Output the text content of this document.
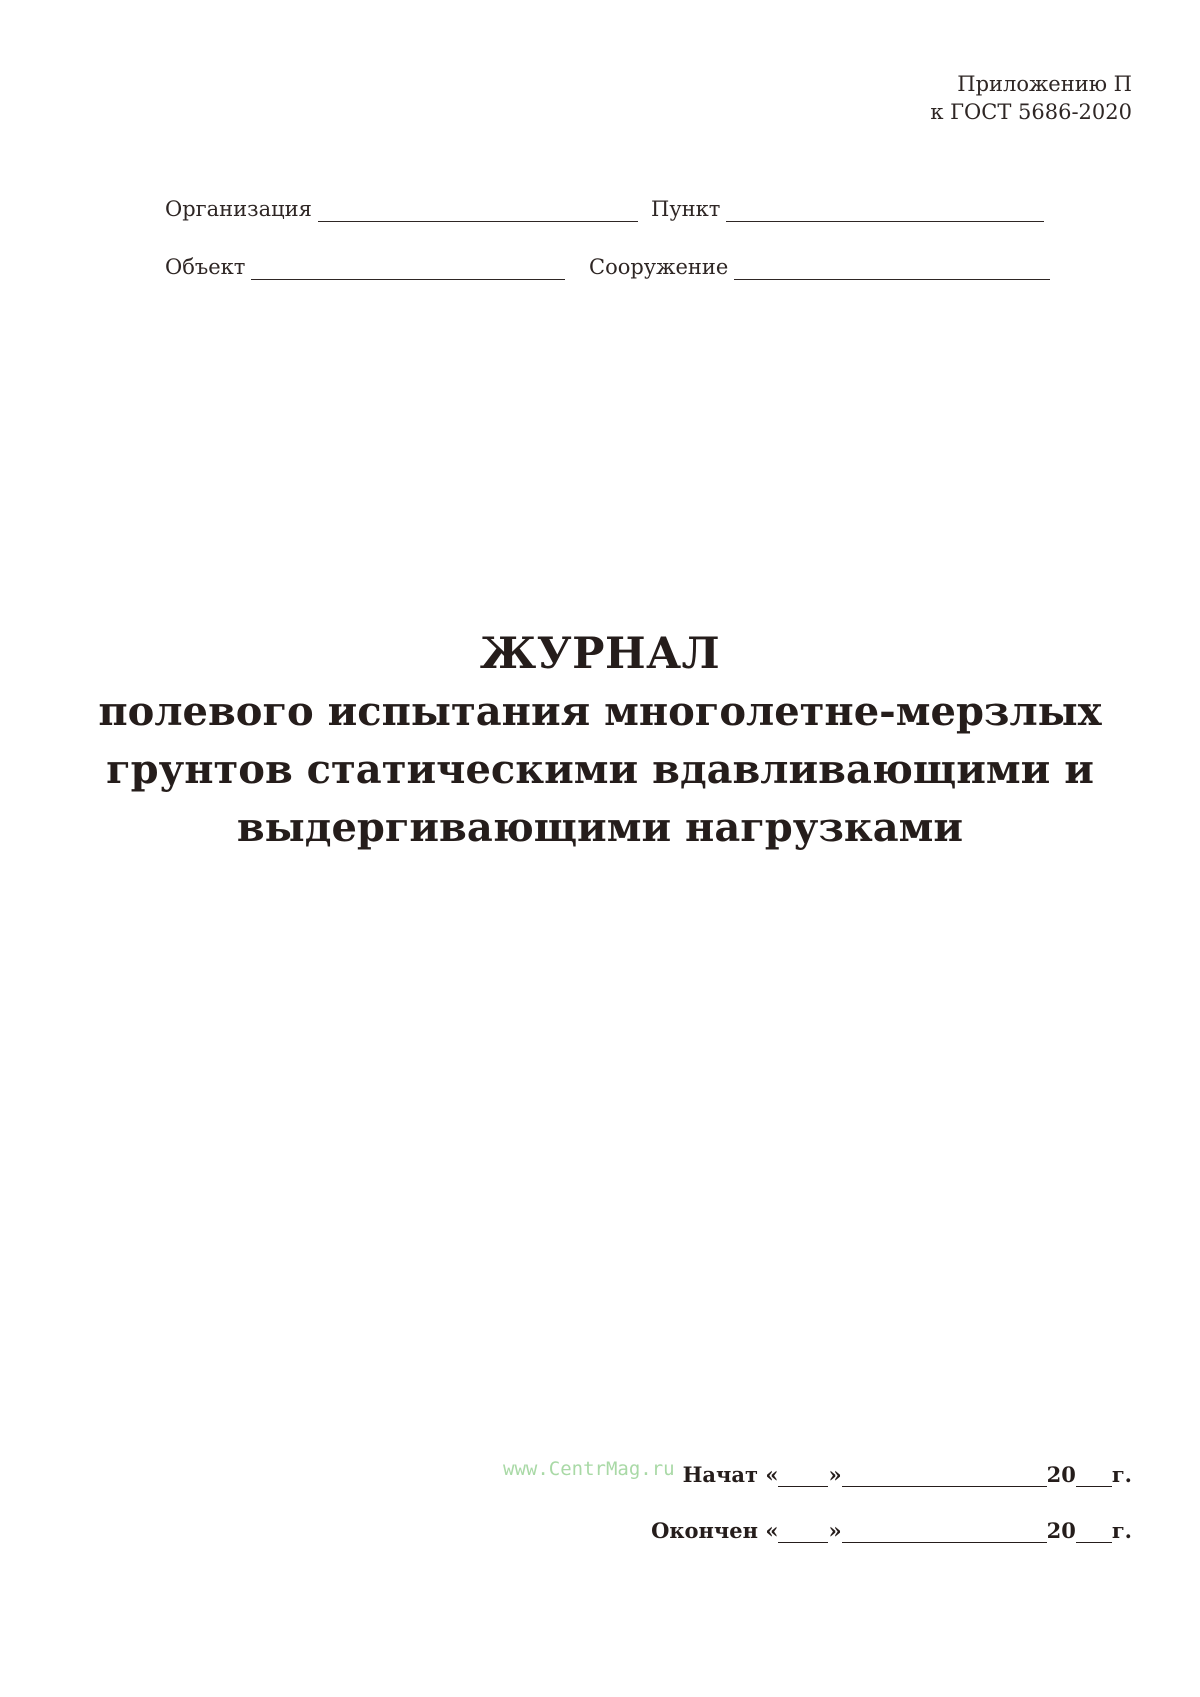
Приложению П
к ГОСТ 5686-2020
Организация	Пункт
Объект	Сооружение
ЖУРНАЛ
полевого испытания многолетне-мерзлых
грунтов статическими вдавливающими и
выдергивающими нагрузками
www.CentrMag.ru Начат « »	20 г.
Окончен « »	20 г.
